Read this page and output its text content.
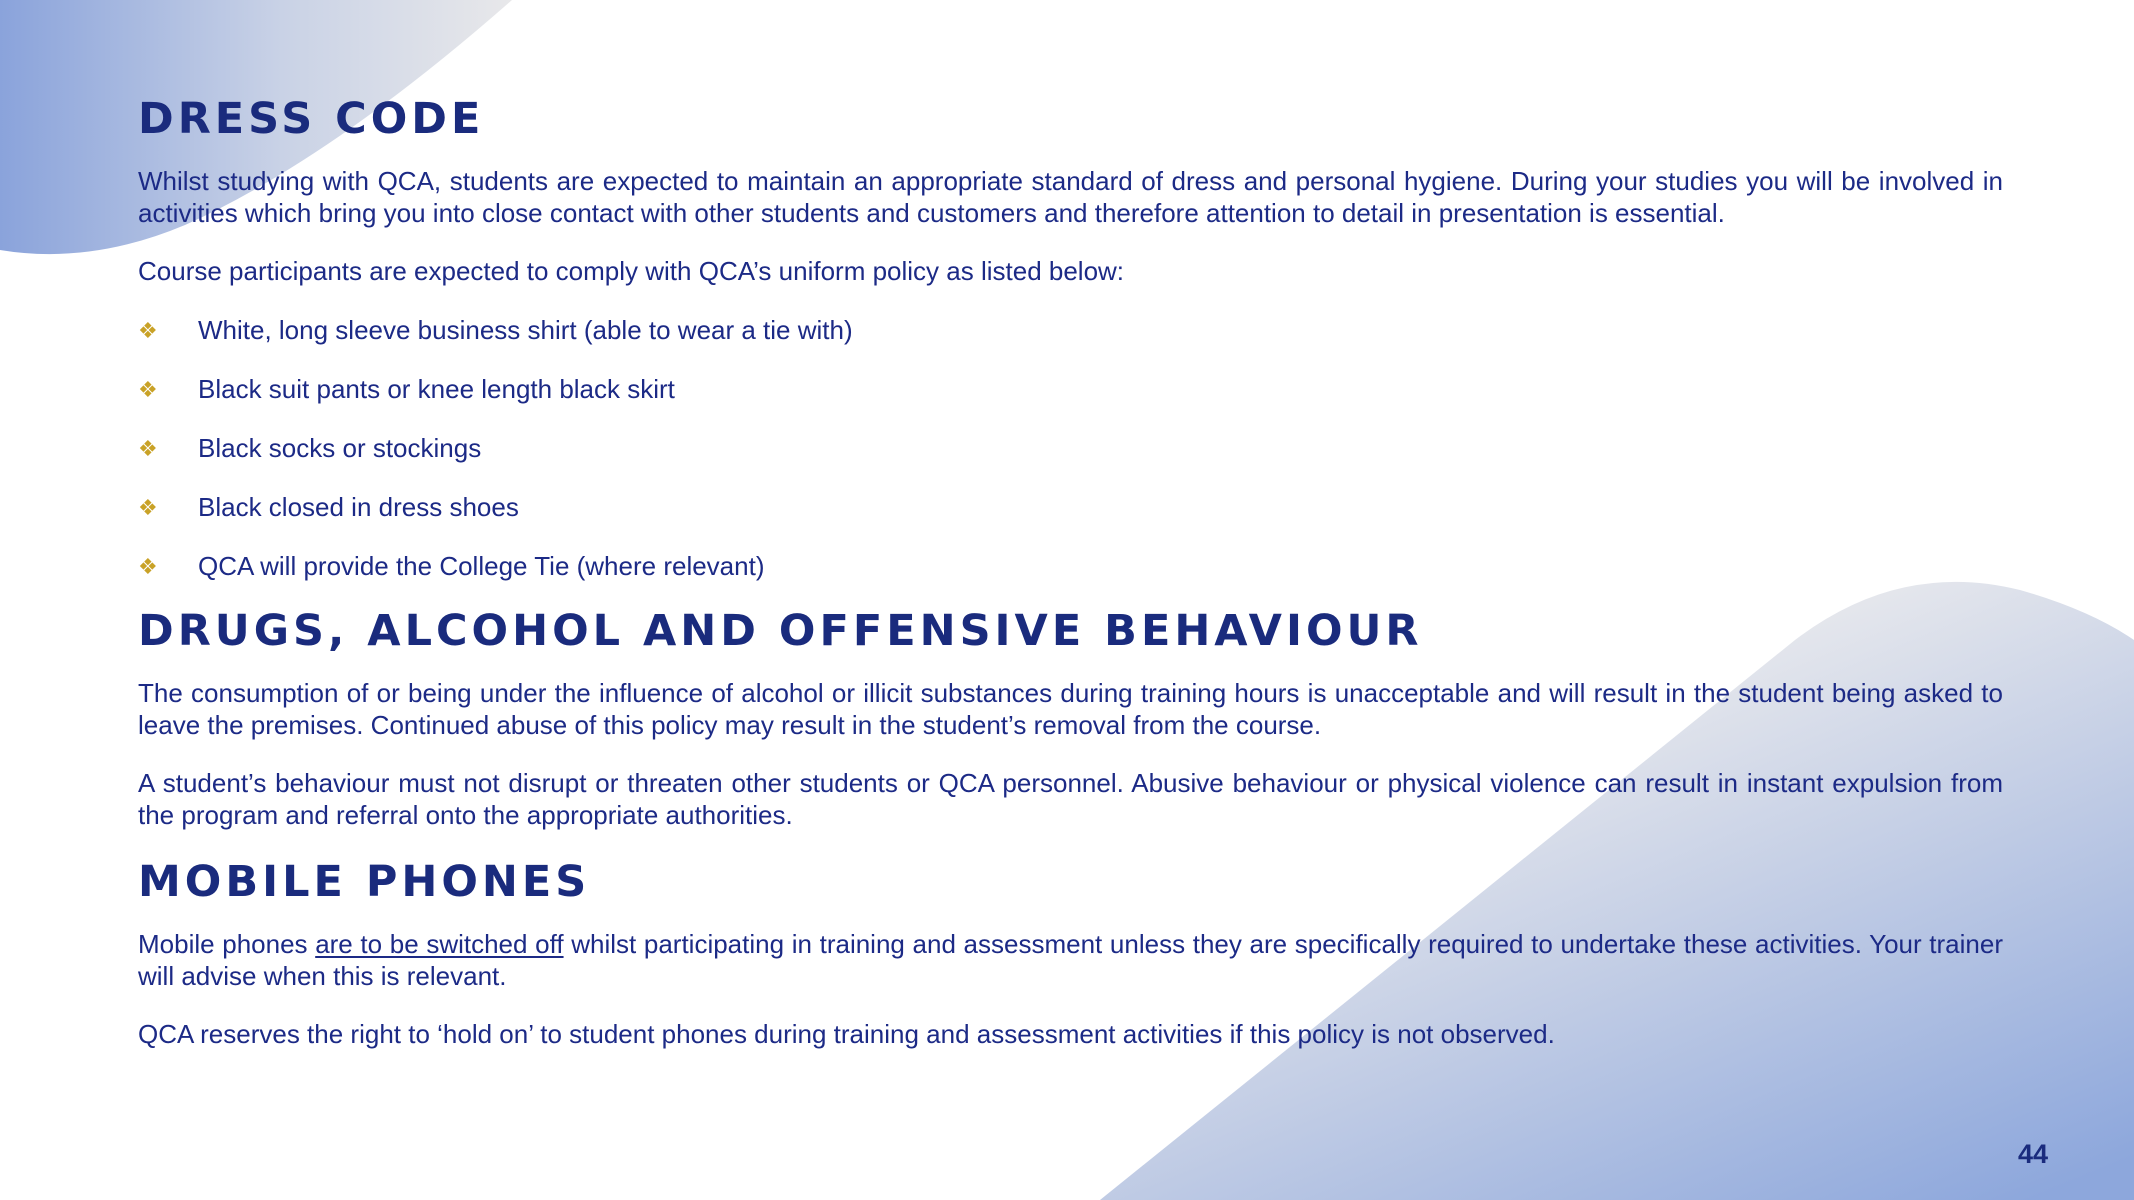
DRESS CODE

Whilst studying with QCA, students are expected to maintain an appropriate standard of dress and personal hygiene. During your studies you will be involved in activities which bring you into close contact with other students and customers and therefore attention to detail in presentation is essential.

Course participants are expected to comply with QCA’s uniform policy as listed below:

❖	White, long sleeve business shirt (able to wear a tie with)
❖	Black suit pants or knee length black skirt
❖	Black socks or stockings
❖	Black closed in dress shoes
❖	QCA will provide the College Tie (where relevant)
DRUGS, ALCOHOL AND OFFENSIVE BEHAVIOUR

The consumption of or being under the influence of alcohol or illicit substances during training hours is unacceptable and will result in the student being asked to leave the premises. Continued abuse of this policy may result in the student’s removal from the course.

A student’s behaviour must not disrupt or threaten other students or QCA personnel. Abusive behaviour or physical violence can result in instant expulsion from the program and referral onto the appropriate authorities.

MOBILE PHONES

Mobile phones are to be switched off whilst participating in training and assessment unless they are specifically required to undertake these activities. Your trainer will advise when this is relevant.

QCA reserves the right to ‘hold on’ to student phones during training and assessment activities if this policy is not observed.

44
